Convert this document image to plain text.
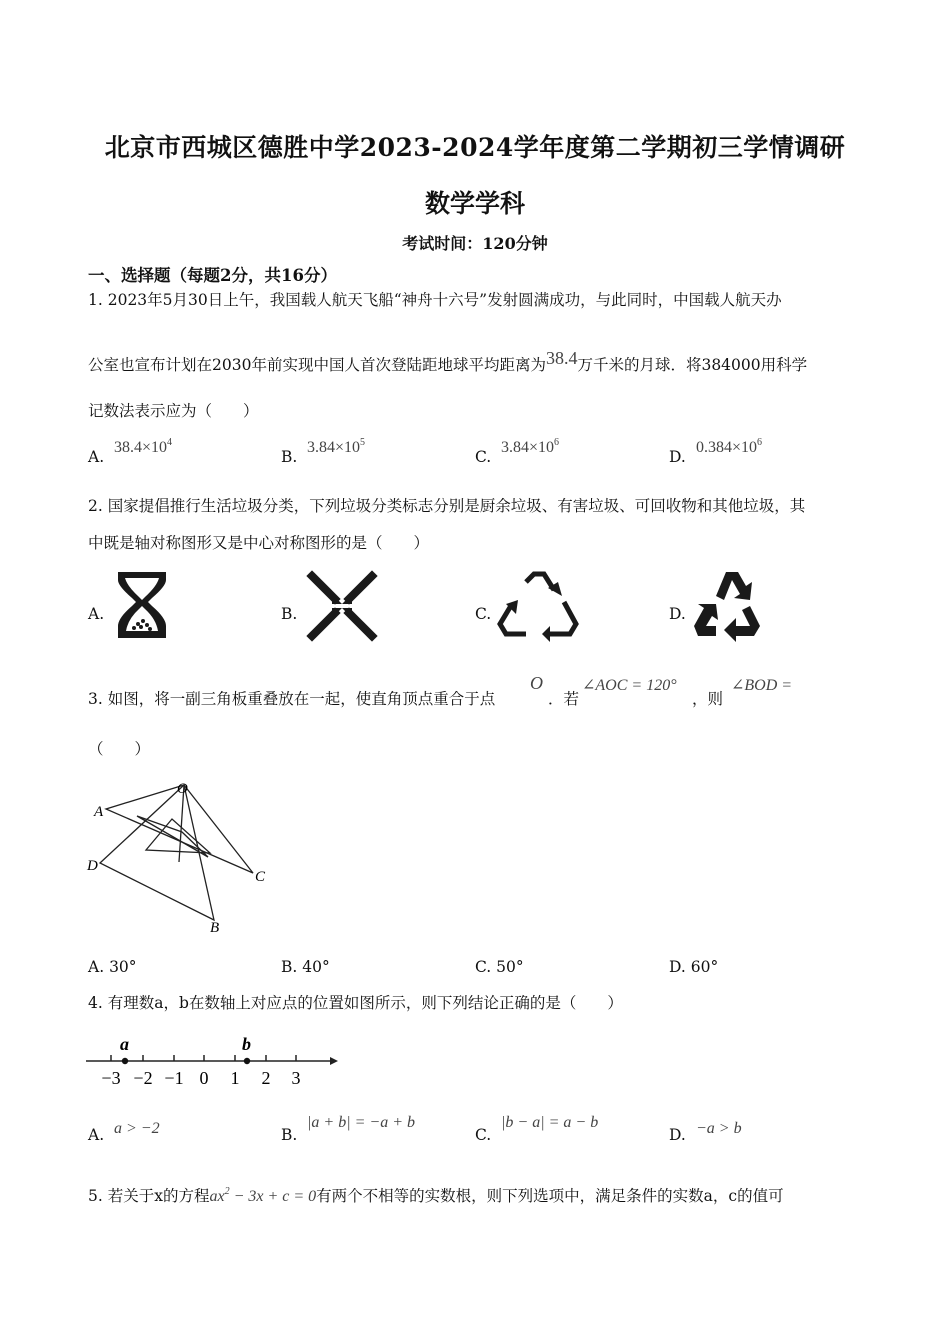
北京市西城区德胜中学2023-2024学年度第二学期初三学情调研
数学学科
考试时间：120分钟
一、选择题（每题2分，共16分）
1. 2023年5月30日上午，我国载人航天飞船“神舟十六号”发射圆满成功，与此同时，中国载人航天办
公室也宣布计划在2030年前实现中国人首次登陆距地球平均距离为38.4万千米的月球．将384000用科学
记数法表示应为（　　）
A.
$38.4\times 10^4$
B.
$3.84\times 10^5$
C.
$3.84\times 10^6$
D.
$0.384\times 10^6$
2. 国家提倡推行生活垃圾分类，下列垃圾分类标志分别是厨余垃圾、有害垃圾、可回收物和其他垃圾，其
中既是轴对称图形又是中心对称图形的是（　　）
A.	B.	C.	D.
3. 如图，将一副三角板重叠放在一起，使直角顶点重合于点
O
．若
∠AOC = 120°
，则
∠BOD =
（　　）
O
A
D
C
B
A. 30°	B. 40°	C. 50°	D. 60°
4. 有理数a，b在数轴上对应点的位置如图所示，则下列结论正确的是（　　）
a	b
−3 −2 −1 0 1 2 3
A. a > −2	B.
|a + b| = −a + b
C.
|b − a| = a − b
D. −a > b
5. 若关于x的方程$ax^2 - 3x + c = 0$有两个不相等的实数根，则下列选项中，满足条件的实数a，c的值可
